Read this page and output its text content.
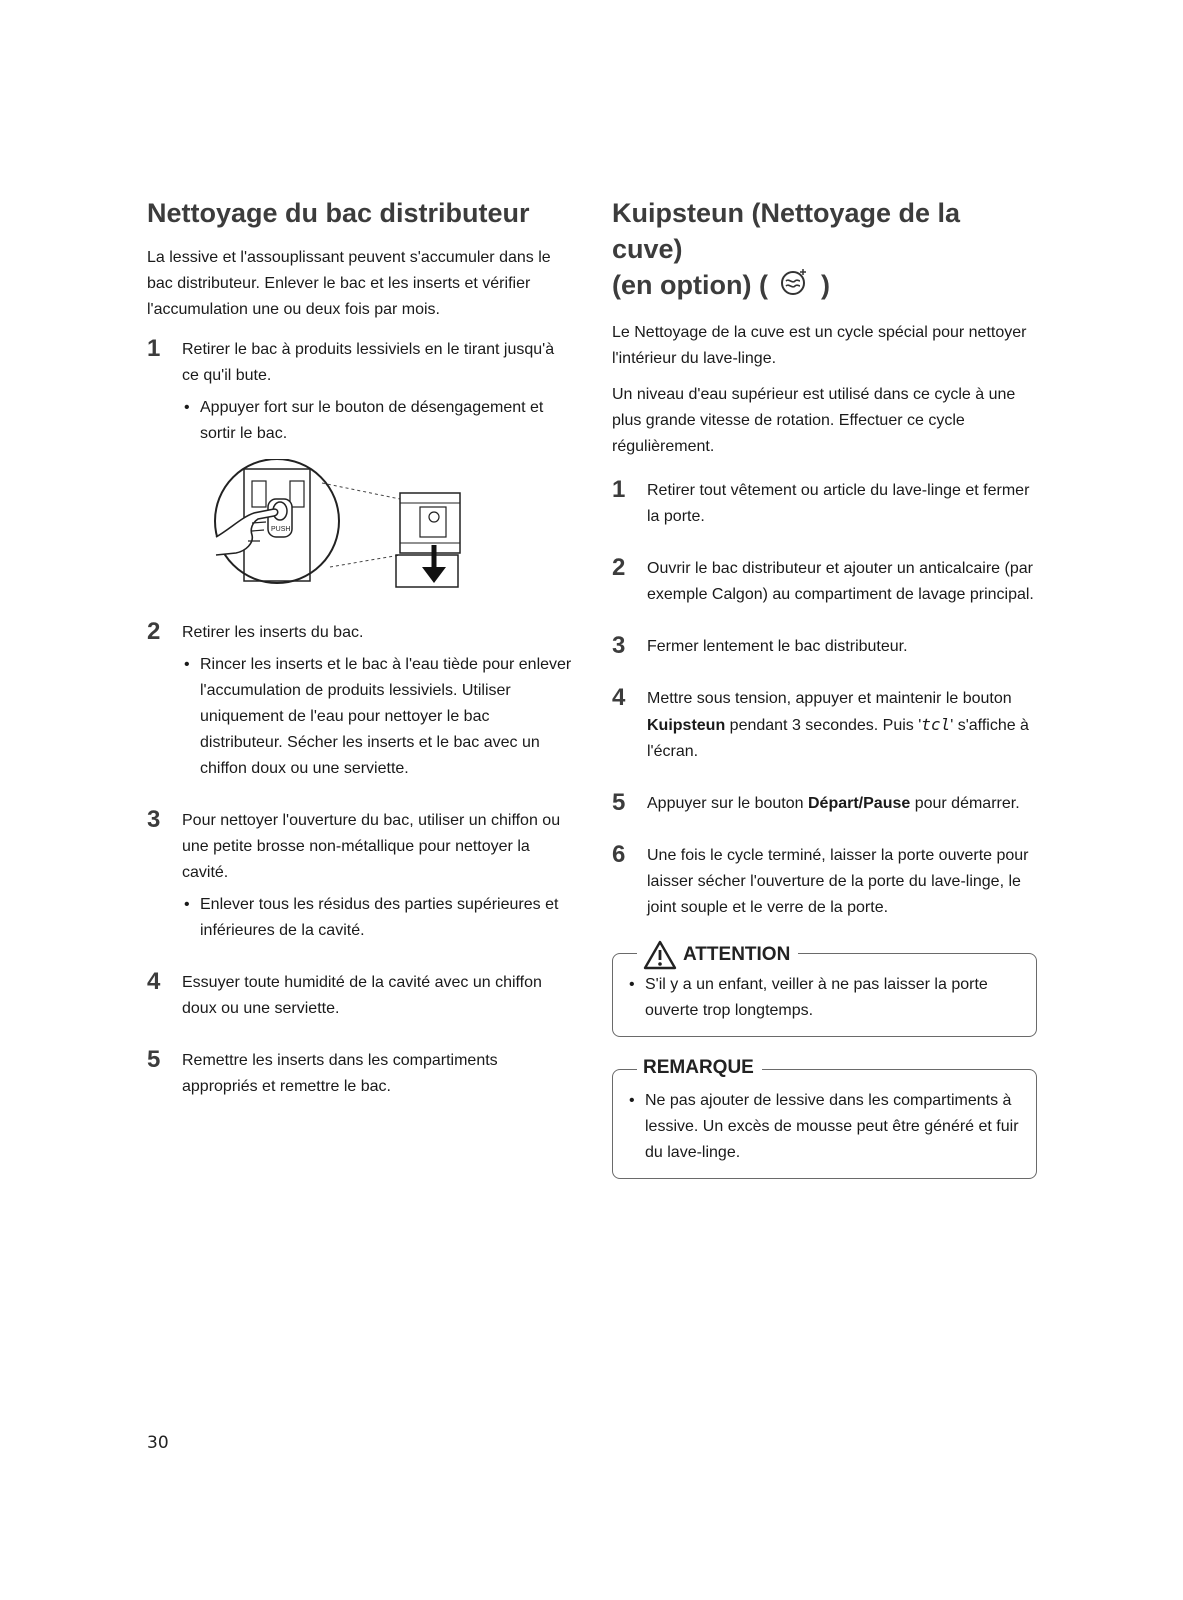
Nettoyage du bac distributeur

La lessive et l'assouplissant peuvent s'accumuler dans le bac distributeur. Enlever le bac et les inserts et vérifier l'accumulation une ou deux fois par mois.

1 Retirer le bac à produits lessiviels en le tirant jusqu'à ce qu'il bute.
• Appuyer fort sur le bouton de désengagement et sortir le bac.
PUSH
2 Retirer les inserts du bac.
• Rincer les inserts et le bac à l'eau tiède pour enlever l'accumulation de produits lessiviels. Utiliser uniquement de l'eau pour nettoyer le bac distributeur. Sécher les inserts et le bac avec un chiffon doux ou une serviette.
3 Pour nettoyer l'ouverture du bac, utiliser un chiffon ou une petite brosse non-métallique pour nettoyer la cavité.
• Enlever tous les résidus des parties supérieures et inférieures de la cavité.
4 Essuyer toute humidité de la cavité avec un chiffon doux ou une serviette.
5 Remettre les inserts dans les compartiments appropriés et remettre le bac.
Kuipsteun (Nettoyage de la cuve)
(en option) ( )

Le Nettoyage de la cuve est un cycle spécial pour nettoyer l'intérieur du lave-linge.

Un niveau d'eau supérieur est utilisé dans ce cycle à une plus grande vitesse de rotation. Effectuer ce cycle régulièrement.

1 Retirer tout vêtement ou article du lave-linge et fermer la porte.
2 Ouvrir le bac distributeur et ajouter un anticalcaire (par exemple Calgon) au compartiment de lavage principal.
3 Fermer lentement le bac distributeur.
4 Mettre sous tension, appuyer et maintenir le bouton Kuipsteun pendant 3 secondes. Puis 'tcl' s'affiche à l'écran.
5 Appuyer sur le bouton Départ/Pause pour démarrer.
6 Une fois le cycle terminé, laisser la porte ouverte pour laisser sécher l'ouverture de la porte du lave-linge, le joint souple et le verre de la porte.
ATTENTION
• S'il y a un enfant, veiller à ne pas laisser la porte ouverte trop longtemps.
REMARQUE
• Ne pas ajouter de lessive dans les compartiments à lessive. Un excès de mousse peut être généré et fuir du lave-linge.
30
